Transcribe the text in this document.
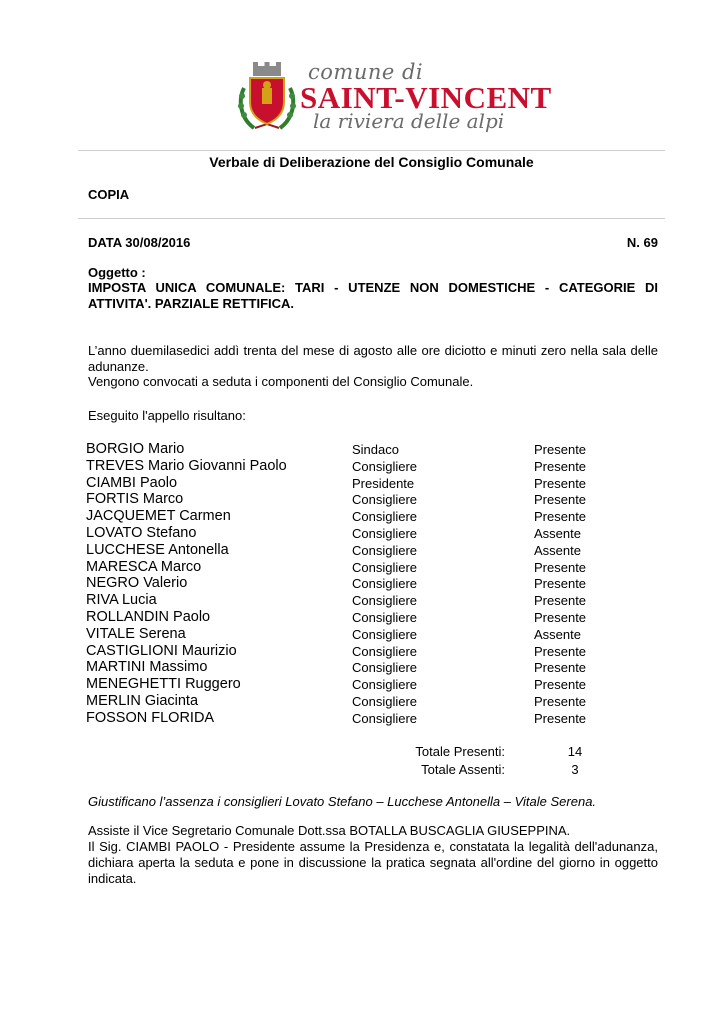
comune di
SAINT-VINCENT
la riviera delle alpi
Verbale di Deliberazione del Consiglio Comunale
COPIA
DATA 30/08/2016	N. 69
Oggetto :
IMPOSTA UNICA COMUNALE: TARI - UTENZE NON DOMESTICHE - CATEGORIE DI ATTIVITA'. PARZIALE RETTIFICA.
L’anno duemilasedici addì trenta del mese di agosto alle ore diciotto e minuti zero nella sala delle adunanze.
Vengono convocati a seduta i componenti del Consiglio Comunale.
Eseguito l'appello risultano:
BORGIO Mario	Sindaco	Presente
TREVES Mario Giovanni Paolo	Consigliere	Presente
CIAMBI Paolo	Presidente	Presente
FORTIS Marco	Consigliere	Presente
JACQUEMET Carmen	Consigliere	Presente
LOVATO Stefano	Consigliere	Assente
LUCCHESE Antonella	Consigliere	Assente
MARESCA Marco	Consigliere	Presente
NEGRO Valerio	Consigliere	Presente
RIVA Lucia	Consigliere	Presente
ROLLANDIN Paolo	Consigliere	Presente
VITALE Serena	Consigliere	Assente
CASTIGLIONI Maurizio	Consigliere	Presente
MARTINI Massimo	Consigliere	Presente
MENEGHETTI Ruggero	Consigliere	Presente
MERLIN Giacinta	Consigliere	Presente
FOSSON FLORIDA	Consigliere	Presente
Totale Presenti:	14
Totale Assenti:	3
Giustificano l’assenza i consiglieri Lovato Stefano – Lucchese Antonella – Vitale Serena.
Assiste il Vice Segretario Comunale Dott.ssa BOTALLA BUSCAGLIA GIUSEPPINA.
Il Sig. CIAMBI PAOLO - Presidente assume la Presidenza e, constatata la legalità dell'adunanza, dichiara aperta la seduta e pone in discussione la pratica segnata all'ordine del giorno in oggetto indicata.
